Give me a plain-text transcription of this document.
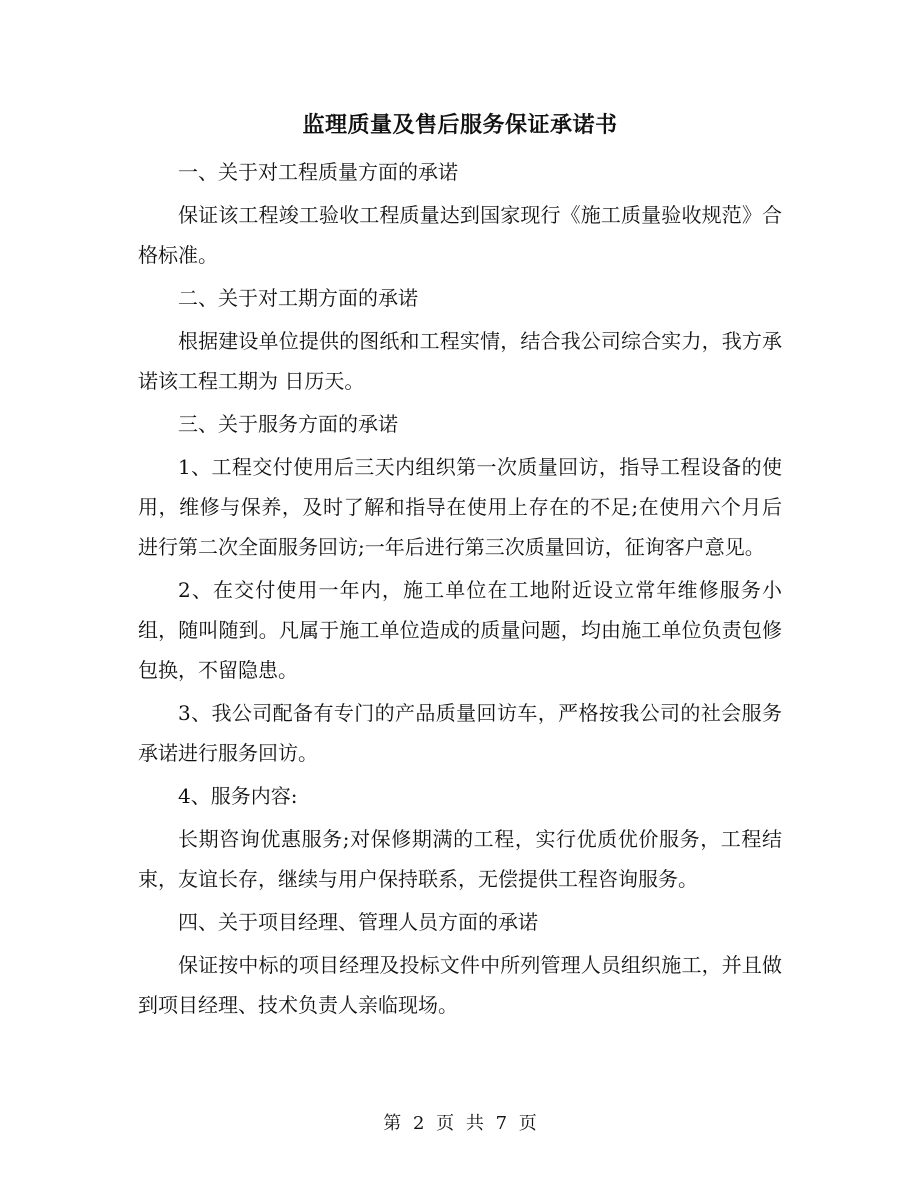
监理质量及售后服务保证承诺书

一、关于对工程质量方面的承诺

保证该工程竣工验收工程质量达到国家现行《施工质量验收规范》合格标准。

二、关于对工期方面的承诺

根据建设单位提供的图纸和工程实情，结合我公司综合实力，我方承诺该工程工期为 日历天。

三、关于服务方面的承诺

1、工程交付使用后三天内组织第一次质量回访，指导工程设备的使用，维修与保养，及时了解和指导在使用上存在的不足;在使用六个月后进行第二次全面服务回访;一年后进行第三次质量回访，征询客户意见。

2、在交付使用一年内，施工单位在工地附近设立常年维修服务小组，随叫随到。凡属于施工单位造成的质量问题，均由施工单位负责包修包换，不留隐患。

3、我公司配备有专门的产品质量回访车，严格按我公司的社会服务承诺进行服务回访。

4、服务内容:

长期咨询优惠服务;对保修期满的工程，实行优质优价服务，工程结束，友谊长存，继续与用户保持联系，无偿提供工程咨询服务。

四、关于项目经理、管理人员方面的承诺

保证按中标的项目经理及投标文件中所列管理人员组织施工，并且做到项目经理、技术负责人亲临现场。

第 2 页 共 7 页
